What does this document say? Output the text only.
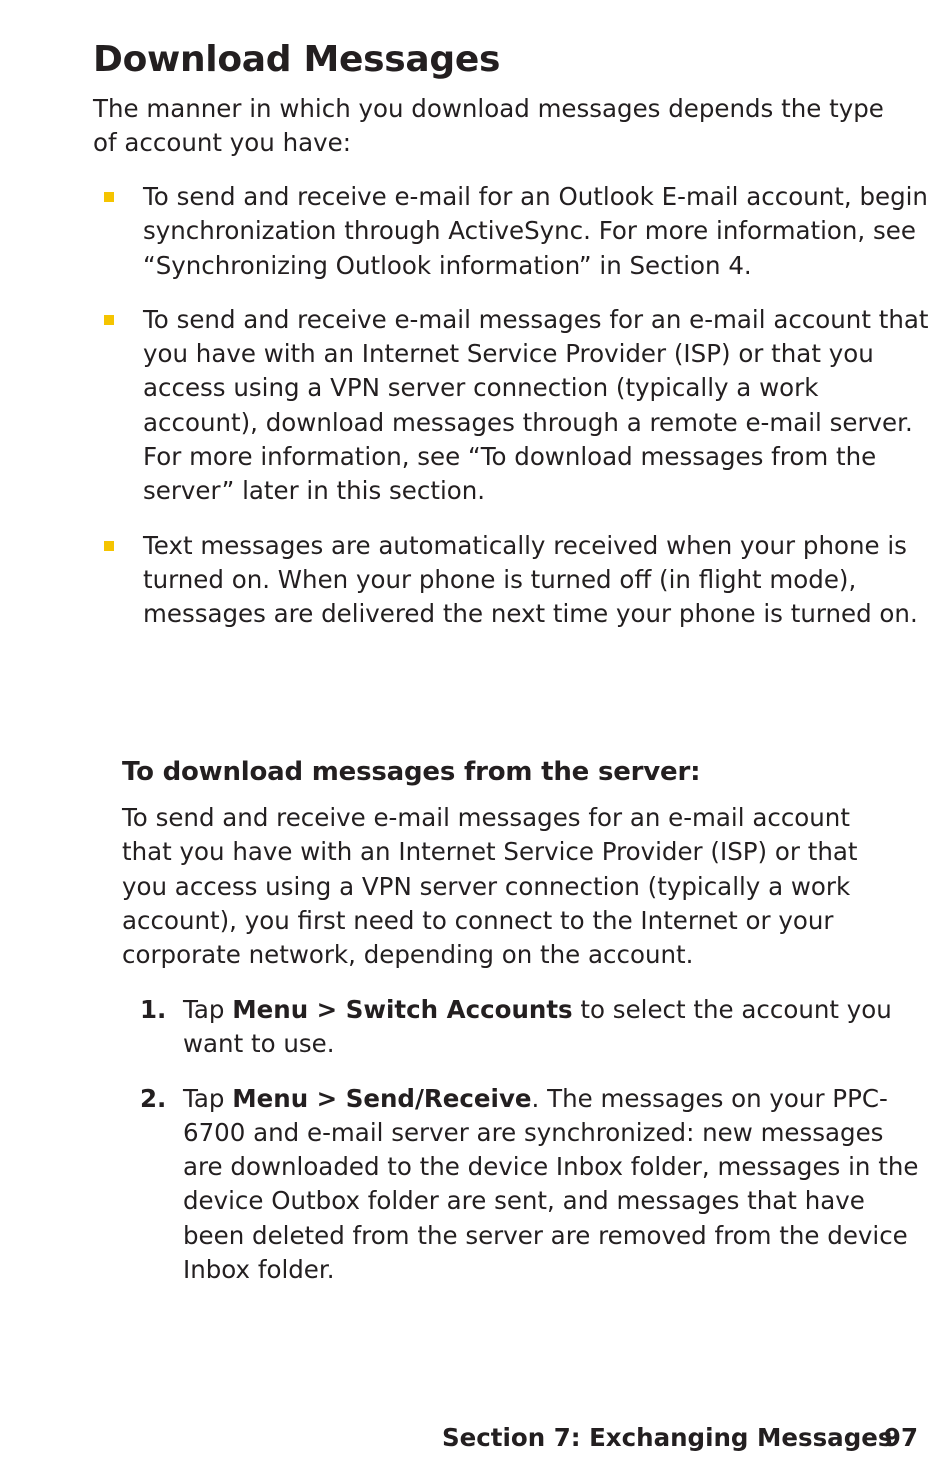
Download Messages

The manner in which you download messages depends the type of account you have:

To send and receive e-mail for an Outlook E-mail account, begin synchronization through ActiveSync. For more information, see “Synchronizing Outlook information” in Section 4.
To send and receive e-mail messages for an e-mail account that you have with an Internet Service Provider (ISP) or that you access using a VPN server connection (typically a work account), download messages through a remote e-mail server. For more information, see “To download messages from the server” later in this section.
Text messages are automatically received when your phone is turned on. When your phone is turned off (in flight mode), messages are delivered the next time your phone is turned on.
To download messages from the server:

To send and receive e-mail messages for an e-mail account that you have with an Internet Service Provider (ISP) or that you access using a VPN server connection (typically a work account), you first need to connect to the Internet or your corporate network, depending on the account.

1. Tap Menu > Switch Accounts to select the account you want to use.
2. Tap Menu > Send/Receive. The messages on your PPC-6700 and e-mail server are synchronized: new messages are downloaded to the device Inbox folder, messages in the device Outbox folder are sent, and messages that have been deleted from the server are removed from the device Inbox folder.
Section 7: Exchanging Messages
97
